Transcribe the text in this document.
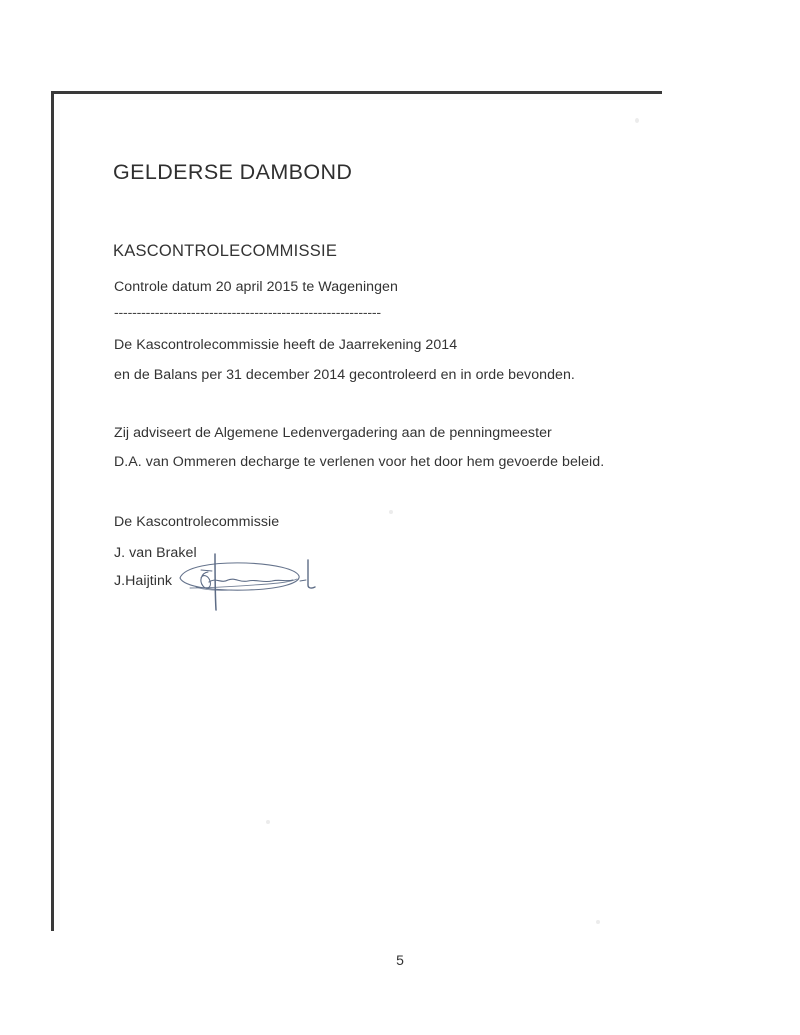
GELDERSE DAMBOND
KASCONTROLECOMMISSIE
Controle datum 20 april 2015 te Wageningen
-----------------------------------------------------------
De Kascontrolecommissie heeft de Jaarrekening 2014
en de Balans per 31 december 2014 gecontroleerd en in orde bevonden.
Zij adviseert de Algemene Ledenvergadering aan de penningmeester
D.A. van Ommeren decharge te verlenen voor het door hem gevoerde beleid.
De Kascontrolecommissie
J. van Brakel
J.Haijtink
5
